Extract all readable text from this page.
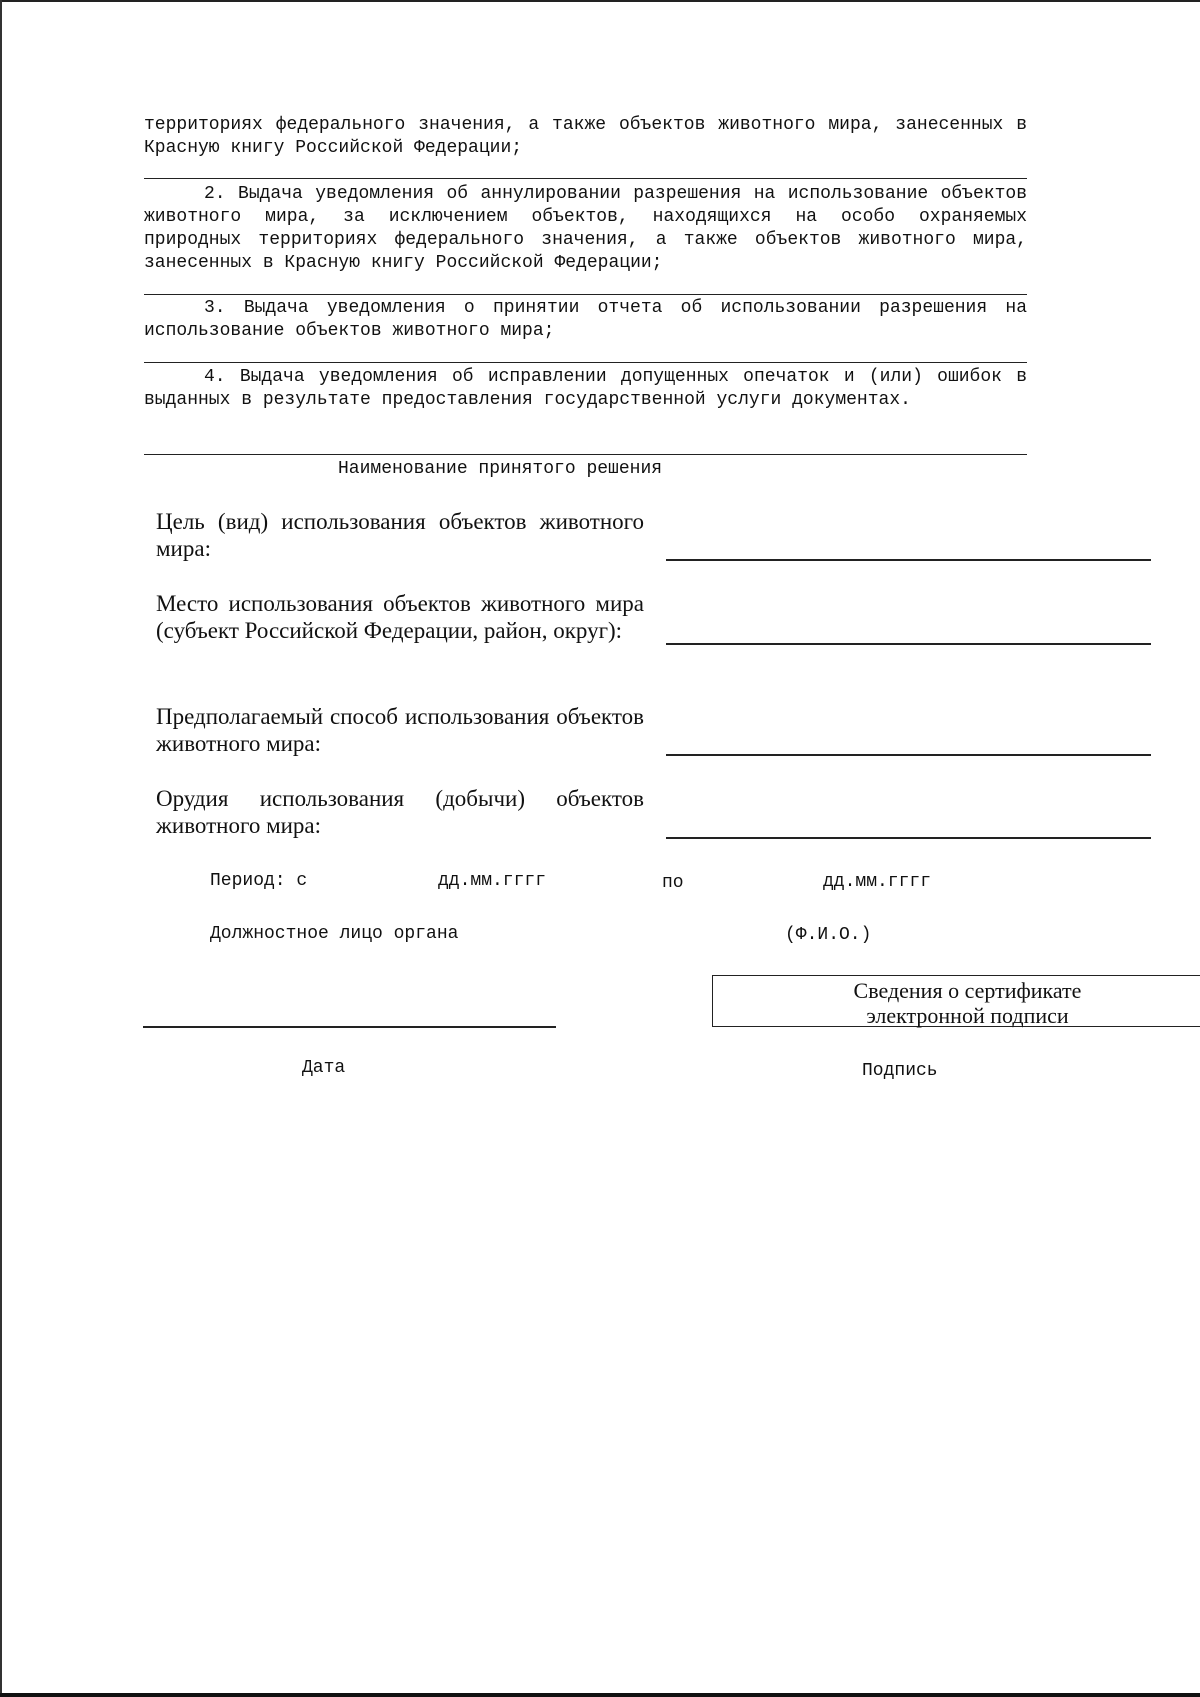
территориях федерального значения, а также объектов животного мира, занесенных в Красную книгу Российской Федерации;
2. Выдача уведомления об аннулировании разрешения на использование объектов животного мира, за исключением объектов, находящихся на особо охраняемых природных территориях федерального значения, а также объектов животного мира, занесенных в Красную книгу Российской Федерации;
3. Выдача уведомления о принятии отчета об использовании разрешения на использование объектов животного мира;
4. Выдача уведомления об исправлении допущенных опечаток и (или) ошибок в выданных в результате предоставления государственной услуги документах.
Наименование принятого решения
Цель (вид) использования объектов животного мира:
Место использования объектов животного мира (субъект Российской Федерации, район, округ):
Предполагаемый способ использования объектов животного мира:
Орудия использования (добычи) объектов животного мира:
Период: с	дд.мм.гггг	по	дд.мм.гггг
Должностное лицо органа	(Ф.И.О.)
Сведения о сертификате
электронной подписи
Дата	Подпись
